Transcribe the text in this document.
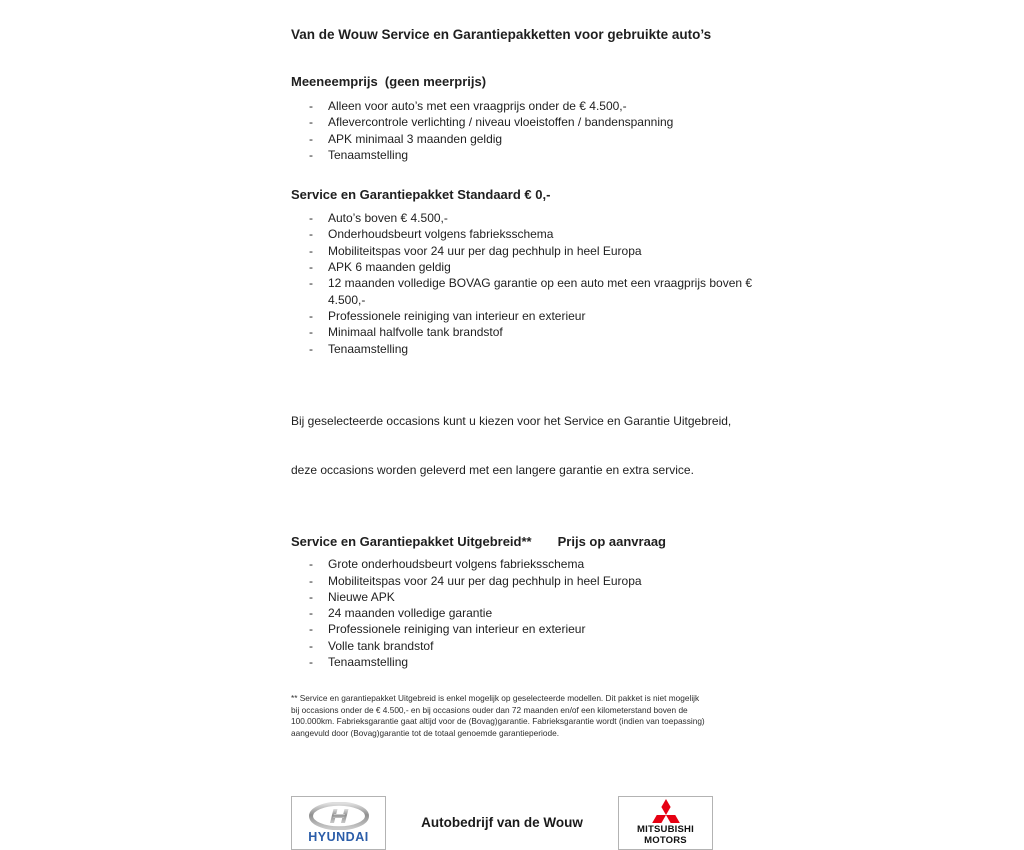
Van de Wouw Service en Garantiepakketten voor gebruikte auto’s
Meeneemprijs  (geen meerprijs)
- Alleen voor auto’s met een vraagprijs onder de € 4.500,-
- Aflevercontrole verlichting / niveau vloeistoffen / bandenspanning
- APK minimaal 3 maanden geldig
- Tenaamstelling
Service en Garantiepakket Standaard € 0,-
- Auto’s boven € 4.500,-
- Onderhoudsbeurt volgens fabrieksschema
- Mobiliteitspas voor 24 uur per dag pechhulp in heel Europa
- APK 6 maanden geldig
- 12 maanden volledige BOVAG garantie op een auto met een vraagprijs boven € 4.500,-
- Professionele reiniging van interieur en exterieur
- Minimaal halfvolle tank brandstof
- Tenaamstelling

Bij geselecteerde occasions kunt u kiezen voor het Service en Garantie Uitgebreid,

deze occasions worden geleverd met een langere garantie en extra service.

Service en Garantiepakket Uitgebreid** Prijs op aanvraag
- Grote onderhoudsbeurt volgens fabrieksschema
- Mobiliteitspas voor 24 uur per dag pechhulp in heel Europa
- Nieuwe APK
- 24 maanden volledige garantie
- Professionele reiniging van interieur en exterieur
- Volle tank brandstof
- Tenaamstelling
** Service en garantiepakket Uitgebreid is enkel mogelijk op geselecteerde modellen. Dit pakket is niet mogelijk
bij occasions onder de € 4.500,- en bij occasions ouder dan 72 maanden en/of een kilometerstand boven de
100.000km. Fabrieksgarantie gaat altijd voor de (Bovag)garantie. Fabrieksgarantie wordt (indien van toepassing)
aangevuld door (Bovag)garantie tot de totaal genoemde garantieperiode.
HYUNDAI
Autobedrijf van de Wouw	MITSUBISHI
MOTORS
